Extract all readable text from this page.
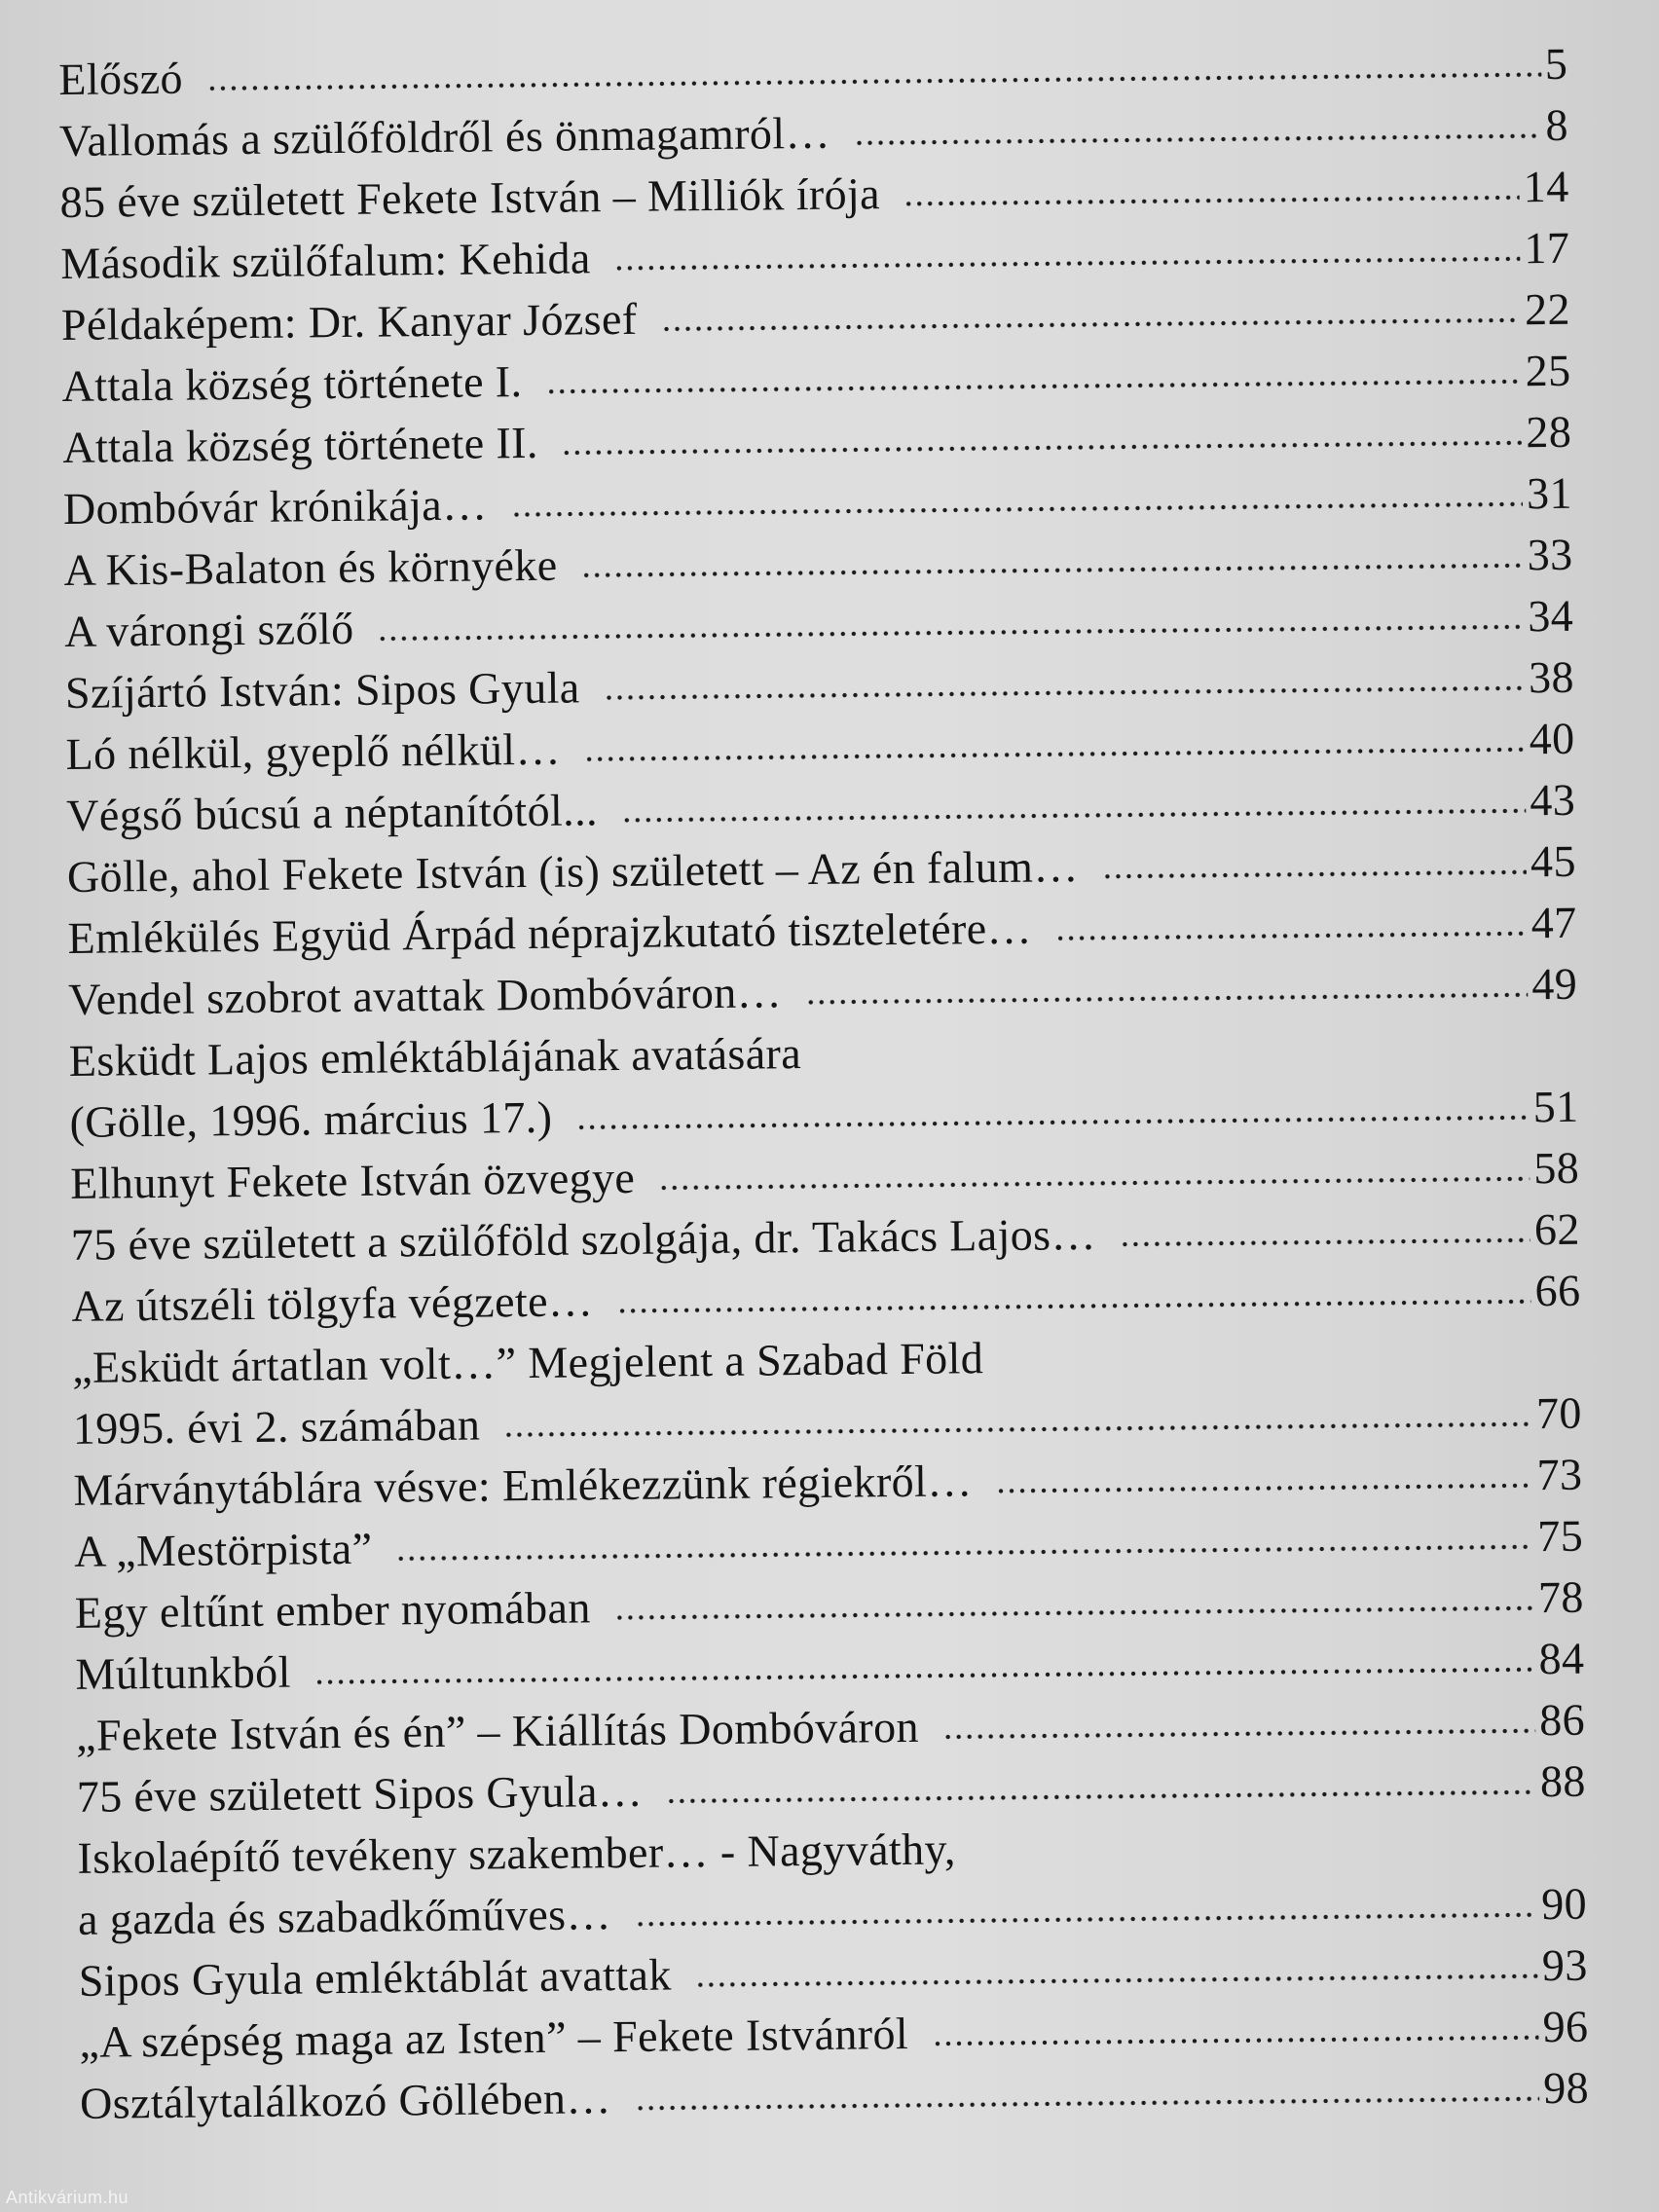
Előszó	5
Vallomás a szülőföldről és önmagamról…	8
85 éve született Fekete István – Milliók írója	14
Második szülőfalum: Kehida	17
Példaképem: Dr. Kanyar József	22
Attala község története I.	25
Attala község története II.	28
Dombóvár krónikája…	31
A Kis-Balaton és környéke	33
A várongi szőlő	34
Szíjártó István: Sipos Gyula	38
Ló nélkül, gyeplő nélkül…	40
Végső búcsú a néptanítótól...	43
Gölle, ahol Fekete István (is) született – Az én falum…	45
Emlékülés Együd Árpád néprajzkutató tiszteletére…	47
Vendel szobrot avattak Dombóváron…	49
Esküdt Lajos emléktáblájának avatására
(Gölle, 1996. március 17.)	51
Elhunyt Fekete István özvegye	58
75 éve született a szülőföld szolgája, dr. Takács Lajos…	62
Az útszéli tölgyfa végzete…	66
„Esküdt ártatlan volt…” Megjelent a Szabad Föld
1995. évi 2. számában	70
Márványtáblára vésve: Emlékezzünk régiekről…	73
A „Mestörpista”	75
Egy eltűnt ember nyomában	78
Múltunkból	84
„Fekete István és én” – Kiállítás Dombóváron	86
75 éve született Sipos Gyula…	88
Iskolaépítő tevékeny szakember… - Nagyváthy,
a gazda és szabadkőműves…	90
Sipos Gyula emléktáblát avattak	93
„A szépség maga az Isten” – Fekete Istvánról	96
Osztálytalálkozó Göllében…	98
Antikvárium.hu
